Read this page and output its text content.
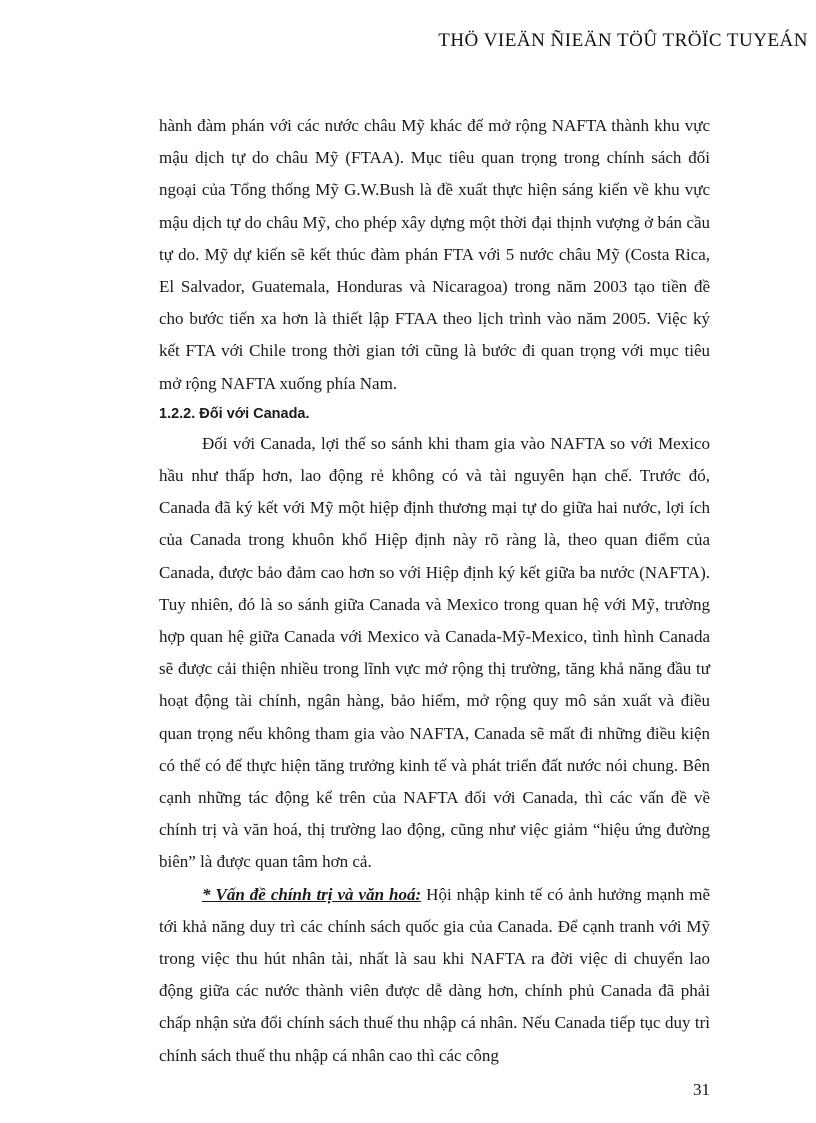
THÖ VIEÄN ÑIEÄN TÖÛ TRÖÏC TUYEÁN

hành đàm phán với các nước châu Mỹ khác để mở rộng NAFTA thành khu vực mậu dịch tự do châu Mỹ (FTAA). Mục tiêu quan trọng trong chính sách đối ngoại của Tổng thống Mỹ G.W.Bush là đề xuất thực hiện sáng kiến về khu vực mậu dịch tự do châu Mỹ, cho phép xây dựng một thời đại thịnh vượng ở bán cầu tự do. Mỹ dự kiến sẽ kết thúc đàm phán FTA với 5 nước châu Mỹ (Costa Rica, El Salvador, Guatemala, Honduras và Nicaragoa) trong năm 2003 tạo tiền đề cho bước tiến xa hơn là thiết lập FTAA theo lịch trình vào năm 2005. Việc ký kết FTA với Chile trong thời gian tới cũng là bước đi quan trọng với mục tiêu mở rộng NAFTA xuống phía Nam.

1.2.2. Đối với Canada.

Đối với Canada, lợi thế so sánh khi tham gia vào NAFTA so với Mexico hầu như thấp hơn, lao động rẻ không có và tài nguyên hạn chế. Trước đó, Canada đã ký kết với Mỹ một hiệp định thương mại tự do giữa hai nước, lợi ích của Canada trong khuôn khổ Hiệp định này rõ ràng là, theo quan điểm của Canada, được bảo đảm cao hơn so với Hiệp định ký kết giữa ba nước (NAFTA). Tuy nhiên, đó là so sánh giữa Canada và Mexico trong quan hệ với Mỹ, trường hợp quan hệ giữa Canada với Mexico và Canada-Mỹ-Mexico, tình hình Canada sẽ được cải thiện nhiều trong lĩnh vực mở rộng thị trường, tăng khả năng đầu tư hoạt động tài chính, ngân hàng, bảo hiểm, mở rộng quy mô sản xuất và điều quan trọng nếu không tham gia vào NAFTA, Canada sẽ mất đi những điều kiện có thể có để thực hiện tăng trưởng kinh tế và phát triển đất nước nói chung. Bên cạnh những tác động kể trên của NAFTA đối với Canada, thì các vấn đề về chính trị và văn hoá, thị trường lao động, cũng như việc giảm “hiệu ứng đường biên” là được quan tâm hơn cả.

* Vấn đề chính trị và văn hoá: Hội nhập kinh tế có ảnh hưởng mạnh mẽ tới khả năng duy trì các chính sách quốc gia của Canada. Để cạnh tranh với Mỹ trong việc thu hút nhân tài, nhất là sau khi NAFTA ra đời việc di chuyển lao động giữa các nước thành viên được dễ dàng hơn, chính phủ Canada đã phải chấp nhận sửa đổi chính sách thuế thu nhập cá nhân. Nếu Canada tiếp tục duy trì chính sách thuế thu nhập cá nhân cao thì các công

31
